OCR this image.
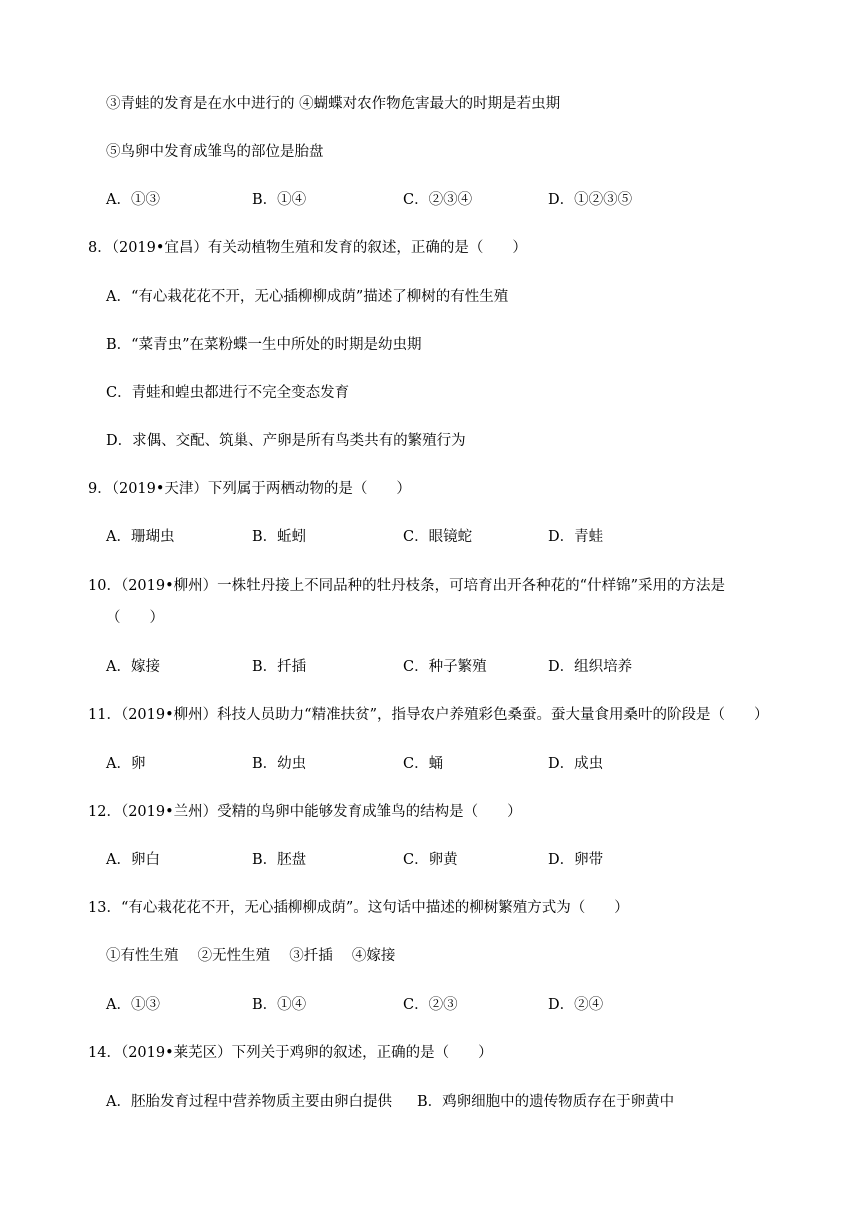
③青蛙的发育是在水中进行的 ④蝴蝶对农作物危害最大的时期是若虫期
⑤鸟卵中发育成雏鸟的部位是胎盘
A．①③	B．①④	C．②③④	D．①②③⑤
8．（2019•宜昌）有关动植物生殖和发育的叙述，正确的是（　　）
A．“有心栽花花不开，无心插柳柳成荫”描述了柳树的有性生殖
B．“菜青虫”在菜粉蝶一生中所处的时期是幼虫期
C．青蛙和蝗虫都进行不完全变态发育
D．求偶、交配、筑巢、产卵是所有鸟类共有的繁殖行为
9．（2019•天津）下列属于两栖动物的是（　　）
A．珊瑚虫	B．蚯蚓	C．眼镜蛇	D．青蛙
10．（2019•柳州）一株牡丹接上不同品种的牡丹枝条，可培育出开各种花的“什样锦”采用的方法是
（　　）
A．嫁接	B．扦插	C．种子繁殖	D．组织培养
11．（2019•柳州）科技人员助力“精准扶贫”，指导农户养殖彩色桑蚕。蚕大量食用桑叶的阶段是（　　）
A．卵	B．幼虫	C．蛹	D．成虫
12．（2019•兰州）受精的鸟卵中能够发育成雏鸟的结构是（　　）
A．卵白	B．胚盘	C．卵黄	D．卵带
13．“有心栽花花不开，无心插柳柳成荫”。这句话中描述的柳树繁殖方式为（　　）
①有性生殖　 ②无性生殖　 ③扦插　 ④嫁接
A．①③	B．①④	C．②③	D．②④
14．（2019•莱芜区）下列关于鸡卵的叙述，正确的是（　　）
A．胚胎发育过程中营养物质主要由卵白提供 B．鸡卵细胞中的遗传物质存在于卵黄中
